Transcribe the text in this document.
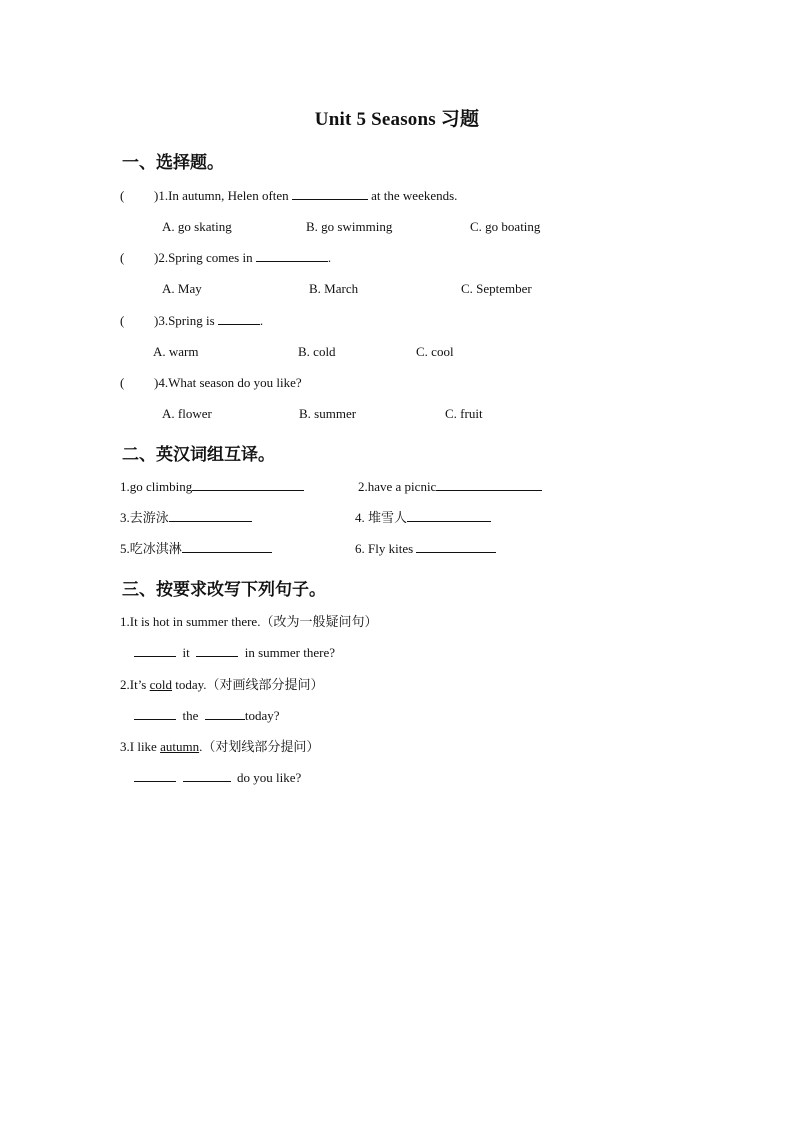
Unit 5 Seasons 习题
一、选择题。
( )1.In autumn, Helen often	at the weekends.
A. go skating	B. go swimming	C. go boating
( )2.Spring comes in	.
A. May	B. March	C. September
( )3.Spring is	.
A. warm	B. cold	C. cool
( )4.What season do you like?
A. flower	B. summer	C. fruit
二、英汉词组互译。
1.go climbing	2.have a picnic
3.去游泳	4. 堆雪人
5.吃冰淇淋	6. Fly kites
三、按要求改写下列句子。
1.It is hot in summer there.（改为一般疑问句）
it	in summer there?
2.It’s cold today.（对画线部分提问）
the	today?
3.I like autumn.（对划线部分提问）
do you like?
